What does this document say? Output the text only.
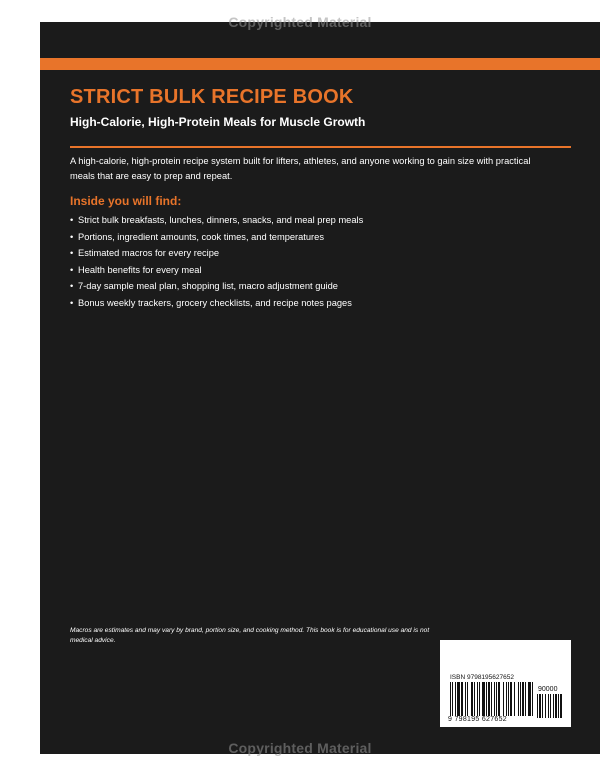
Copyrighted Material
STRICT BULK RECIPE BOOK

High-Calorie, High-Protein Meals for Muscle Growth

A high-calorie, high-protein recipe system built for lifters, athletes, and anyone working to gain size with practical meals that are easy to prep and repeat.

Inside you will find:
• Strict bulk breakfasts, lunches, dinners, snacks, and meal prep meals
• Portions, ingredient amounts, cook times, and temperatures
• Estimated macros for every recipe
• Health benefits for every meal
• 7-day sample meal plan, shopping list, macro adjustment guide
• Bonus weekly trackers, grocery checklists, and recipe notes pages

Macros are estimates and may vary by brand, portion size, and cooking method. This book is for educational use and is not medical advice.

ISBN 9798195627652

90000

9 798195 627652

Copyrighted Material
